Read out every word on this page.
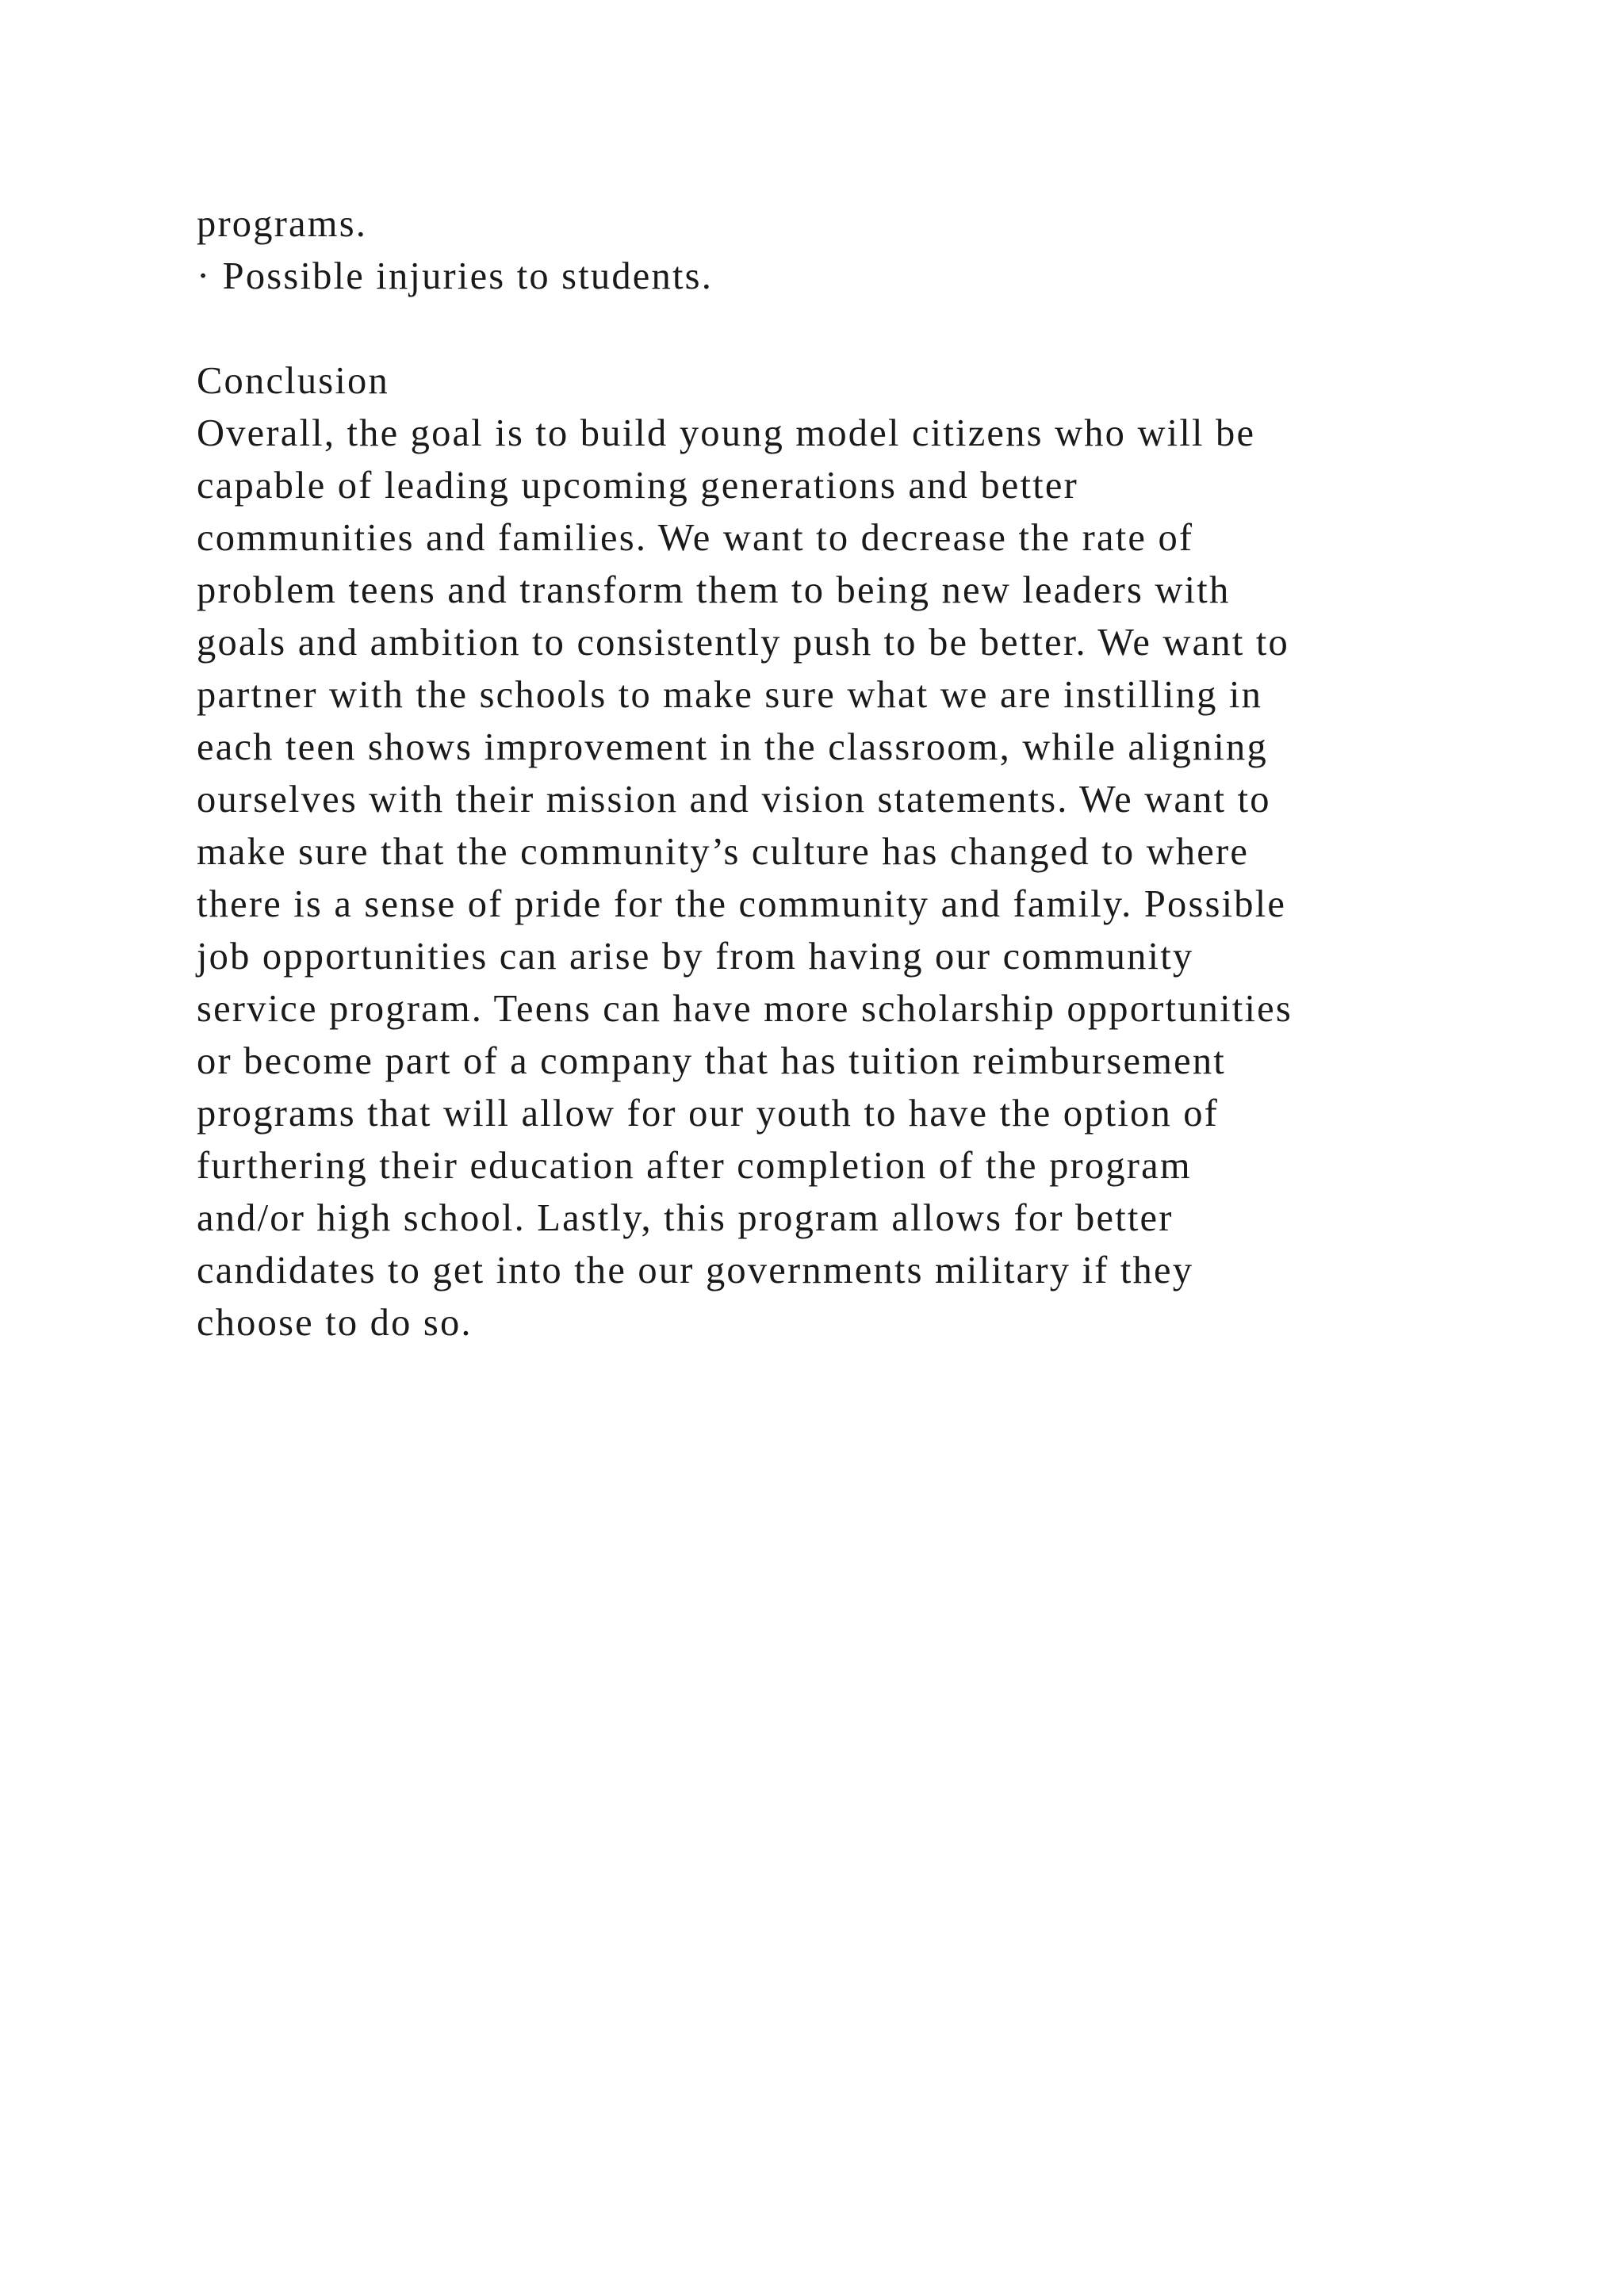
programs.
· Possible injuries to students.
Conclusion
Overall, the goal is to build young model citizens who will be
capable of leading upcoming generations and better
communities and families. We want to decrease the rate of
problem teens and transform them to being new leaders with
goals and ambition to consistently push to be better. We want to
partner with the schools to make sure what we are instilling in
each teen shows improvement in the classroom, while aligning
ourselves with their mission and vision statements. We want to
make sure that the community’s culture has changed to where
there is a sense of pride for the community and family. Possible
job opportunities can arise by from having our community
service program. Teens can have more scholarship opportunities
or become part of a company that has tuition reimbursement
programs that will allow for our youth to have the option of
furthering their education after completion of the program
and/or high school. Lastly, this program allows for better
candidates to get into the our governments military if they
choose to do so.
